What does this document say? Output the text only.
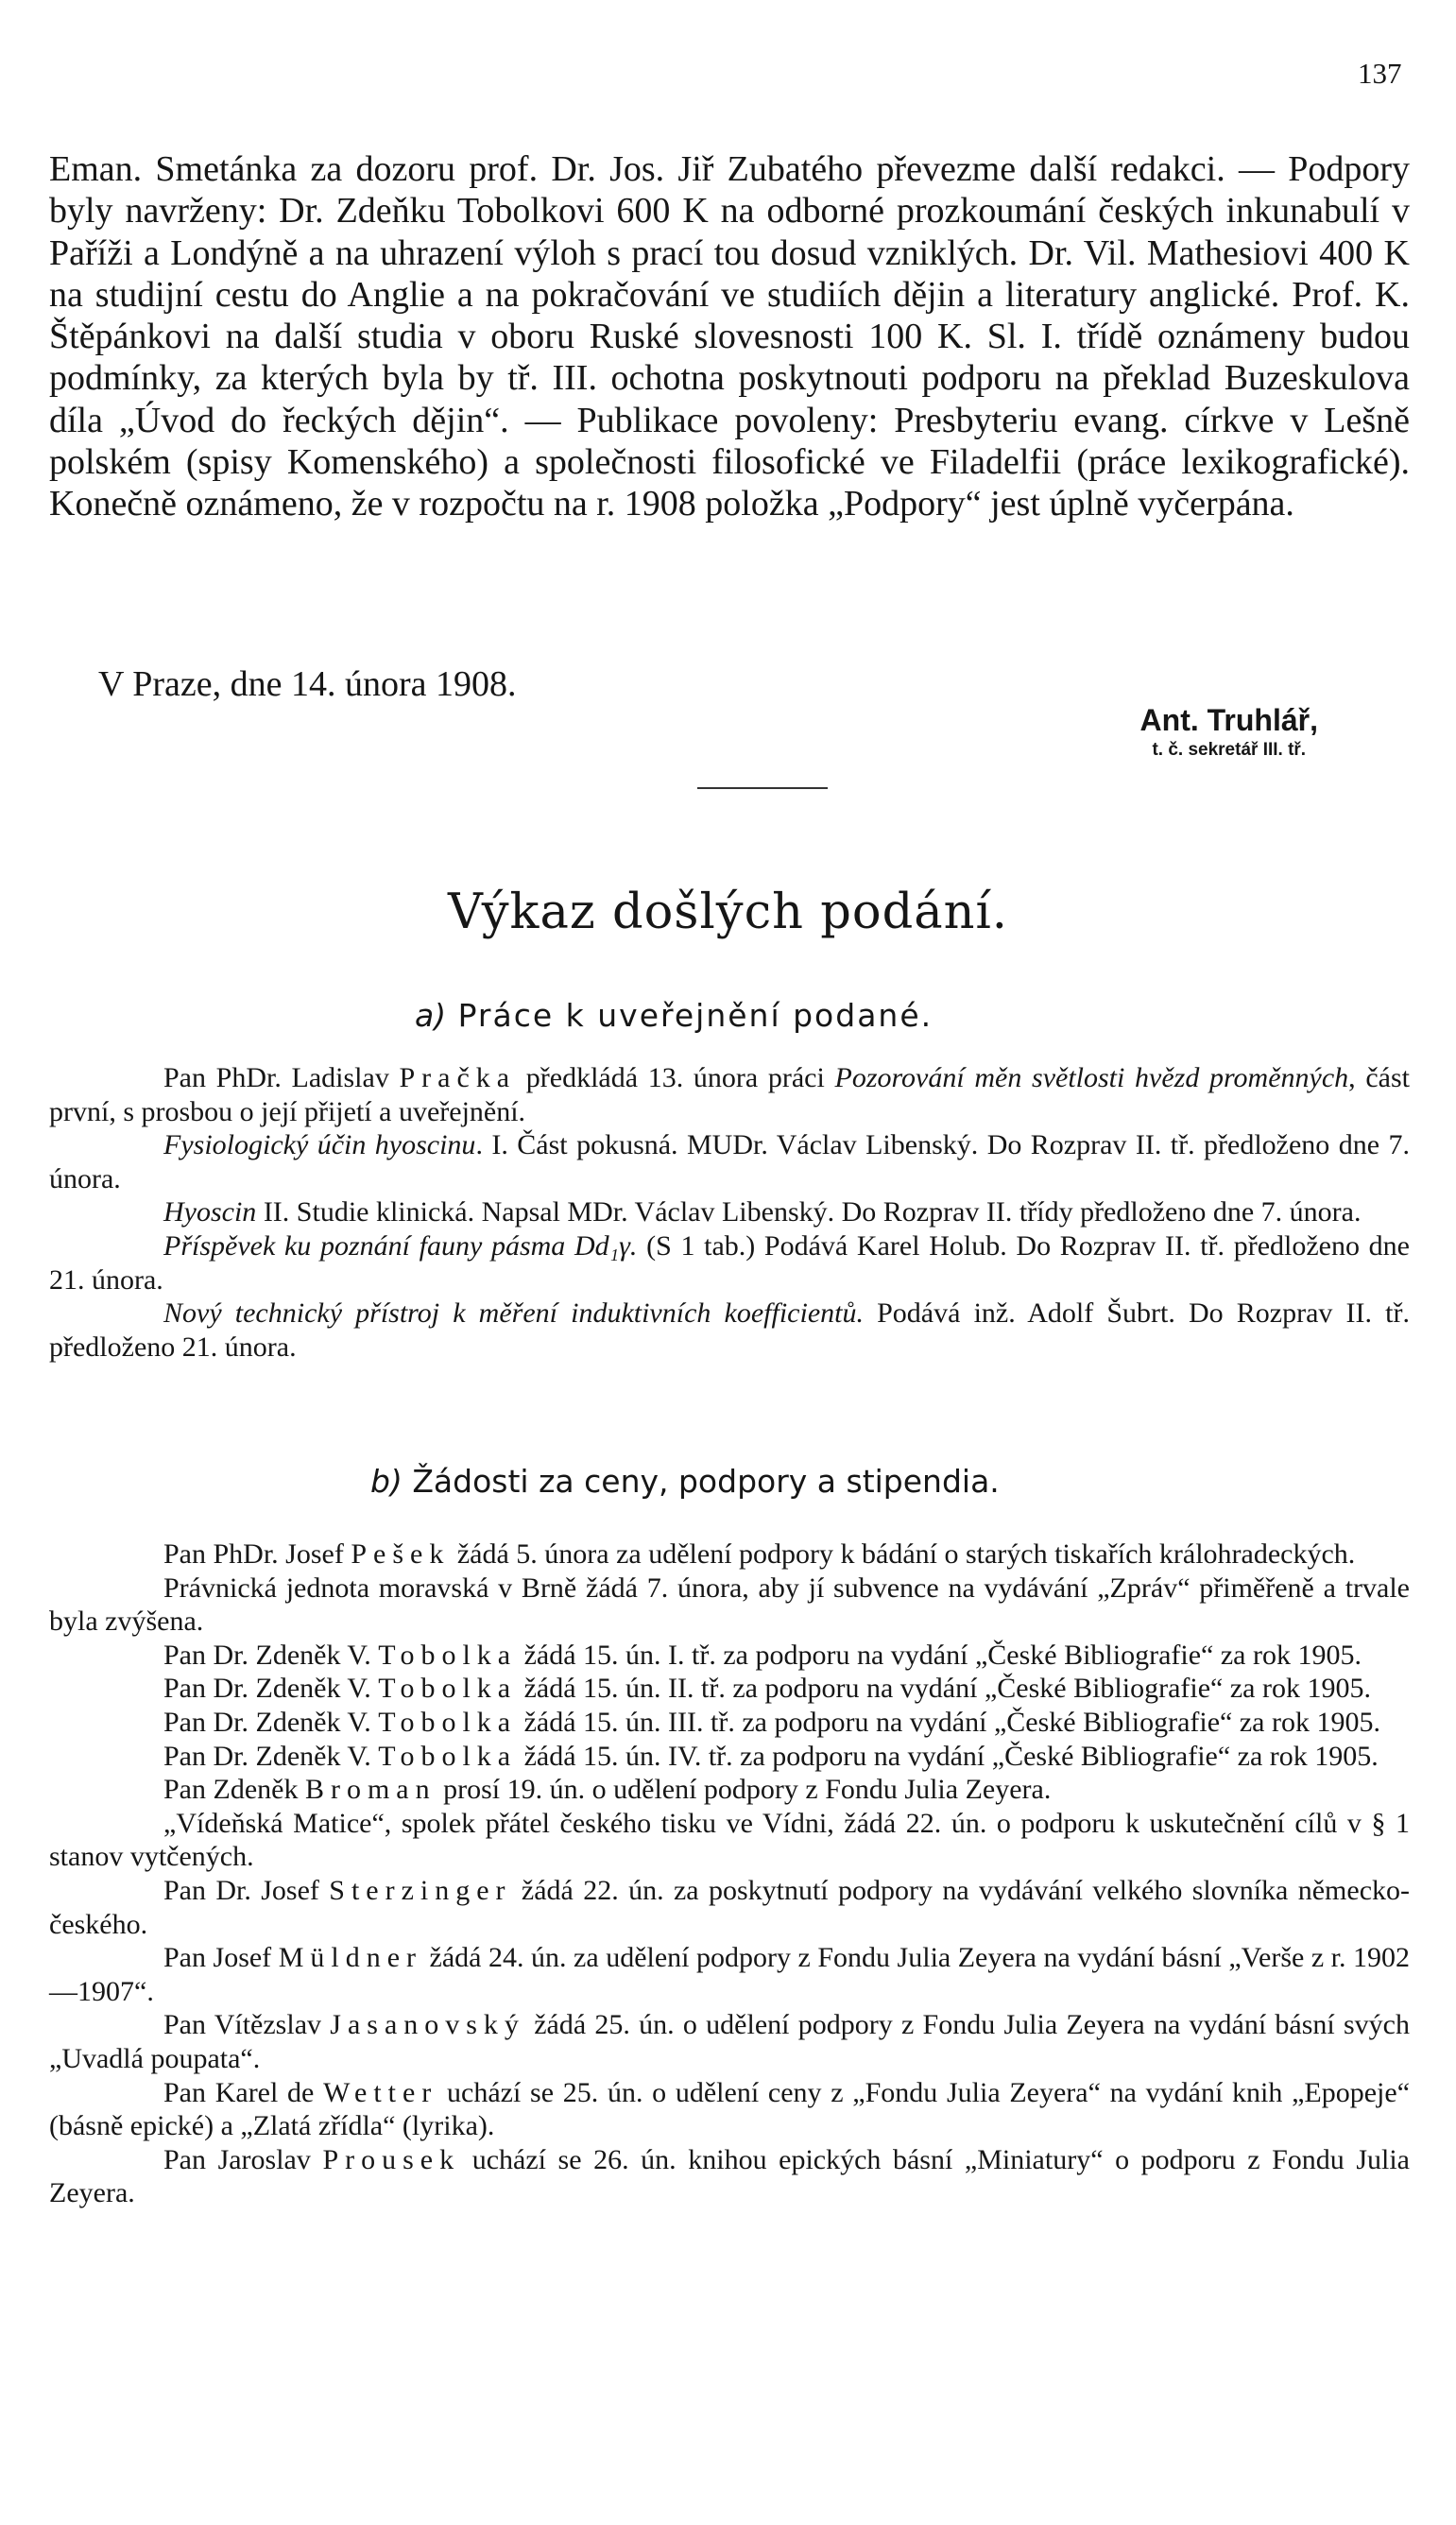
137

Eman. Smetánka za dozoru prof. Dr. Jos. Jiř Zubatého převezme další redakci. — Podpory byly navrženy: Dr. Zdeňku Tobolkovi 600 K na odborné prozkoumání českých inkunabulí v Paříži a Londýně a na uhrazení výloh s prací tou dosud vzniklých. Dr. Vil. Mathesiovi 400 K na studijní cestu do Anglie a na pokračování ve studiích dějin a literatury anglické. Prof. K. Štěpánkovi na další studia v oboru Ruské slovesnosti 100 K. Sl. I. třídě oznámeny budou podmínky, za kterých byla by tř. III. ochotna poskytnouti podporu na překlad Buzeskulova díla „Úvod do řeckých dějin“. — Publikace povoleny: Presbyteriu evang. církve v Lešně polském (spisy Komenského) a společnosti filosofické ve Filadelfii (práce lexikografické). Konečně oznámeno, že v rozpočtu na r. 1908 položka „Podpory“ jest úplně vyčerpána.

V Praze, dne 14. února 1908.
Ant. Truhlář,
t. č. sekretář III. tř.
Výkaz došlých podání.
a) Práce k uveřejnění podané.

Pan PhDr. Ladislav Pračka předkládá 13. února práci Pozorování měn světlosti hvězd proměnných, část první, s prosbou o její přijetí a uveřejnění.

Fysiologický účin hyoscinu. I. Část pokusná. MUDr. Václav Libenský. Do Rozprav II. tř. předloženo dne 7. února.

Hyoscin II. Studie klinická. Napsal MDr. Václav Libenský. Do Rozprav II. třídy předloženo dne 7. února.

Příspěvek ku poznání fauny pásma Dd₁γ. (S 1 tab.) Podává Karel Holub. Do Rozprav II. tř. předloženo dne 21. února.

Nový technický přístroj k měření induktivních koefficientů. Podává inž. Adolf Šubrt. Do Rozprav II. tř. předloženo 21. února.

b) Žádosti za ceny, podpory a stipendia.

Pan PhDr. Josef Pešek žádá 5. února za udělení podpory k bádání o starých tiskařích králohradeckých.

Právnická jednota moravská v Brně žádá 7. února, aby jí subvence na vydávání „Zpráv“ přiměřeně a trvale byla zvýšena.

Pan Dr. Zdeněk V. Tobolka žádá 15. ún. I. tř. za podporu na vydání „České Bibliografie“ za rok 1905.

Pan Dr. Zdeněk V. Tobolka žádá 15. ún. II. tř. za podporu na vydání „České Bibliografie“ za rok 1905.

Pan Dr. Zdeněk V. Tobolka žádá 15. ún. III. tř. za podporu na vydání „České Bibliografie“ za rok 1905.

Pan Dr. Zdeněk V. Tobolka žádá 15. ún. IV. tř. za podporu na vydání „České Bibliografie“ za rok 1905.

Pan Zdeněk Broman prosí 19. ún. o udělení podpory z Fondu Julia Zeyera.

„Vídeňská Matice“, spolek přátel českého tisku ve Vídni, žádá 22. ún. o podporu k uskutečnění cílů v § 1 stanov vytčených.

Pan Dr. Josef Sterzinger žádá 22. ún. za poskytnutí podpory na vydávání velkého slovníka německo-českého.

Pan Josef Müldner žádá 24. ún. za udělení podpory z Fondu Julia Zeyera na vydání básní „Verše z r. 1902—1907“.

Pan Vítězslav Jasanovský žádá 25. ún. o udělení podpory z Fondu Julia Zeyera na vydání básní svých „Uvadlá poupata“.

Pan Karel de Wetter uchází se 25. ún. o udělení ceny z „Fondu Julia Zeyera“ na vydání knih „Epopeje“ (básně epické) a „Zlatá zřídla“ (lyrika).

Pan Jaroslav Prousek uchází se 26. ún. knihou epických básní „Miniatury“ o podporu z Fondu Julia Zeyera.
